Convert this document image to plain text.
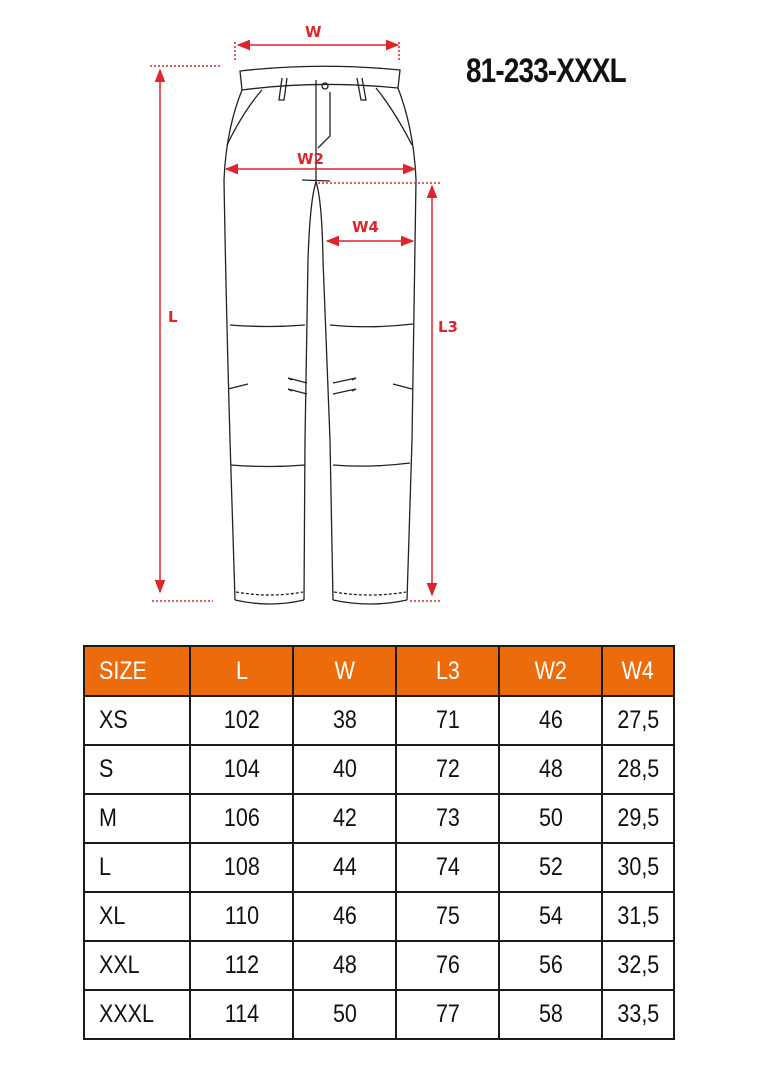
W
W2
W4
L
L3
81-233-XXXL
SIZE	L	W	L3	W2	W4
XS	102	38	71	46	27,5
S	104	40	72	48	28,5
M	106	42	73	50	29,5
L	108	44	74	52	30,5
XL	110	46	75	54	31,5
XXL	112	48	76	56	32,5
XXXL	114	50	77	58	33,5
